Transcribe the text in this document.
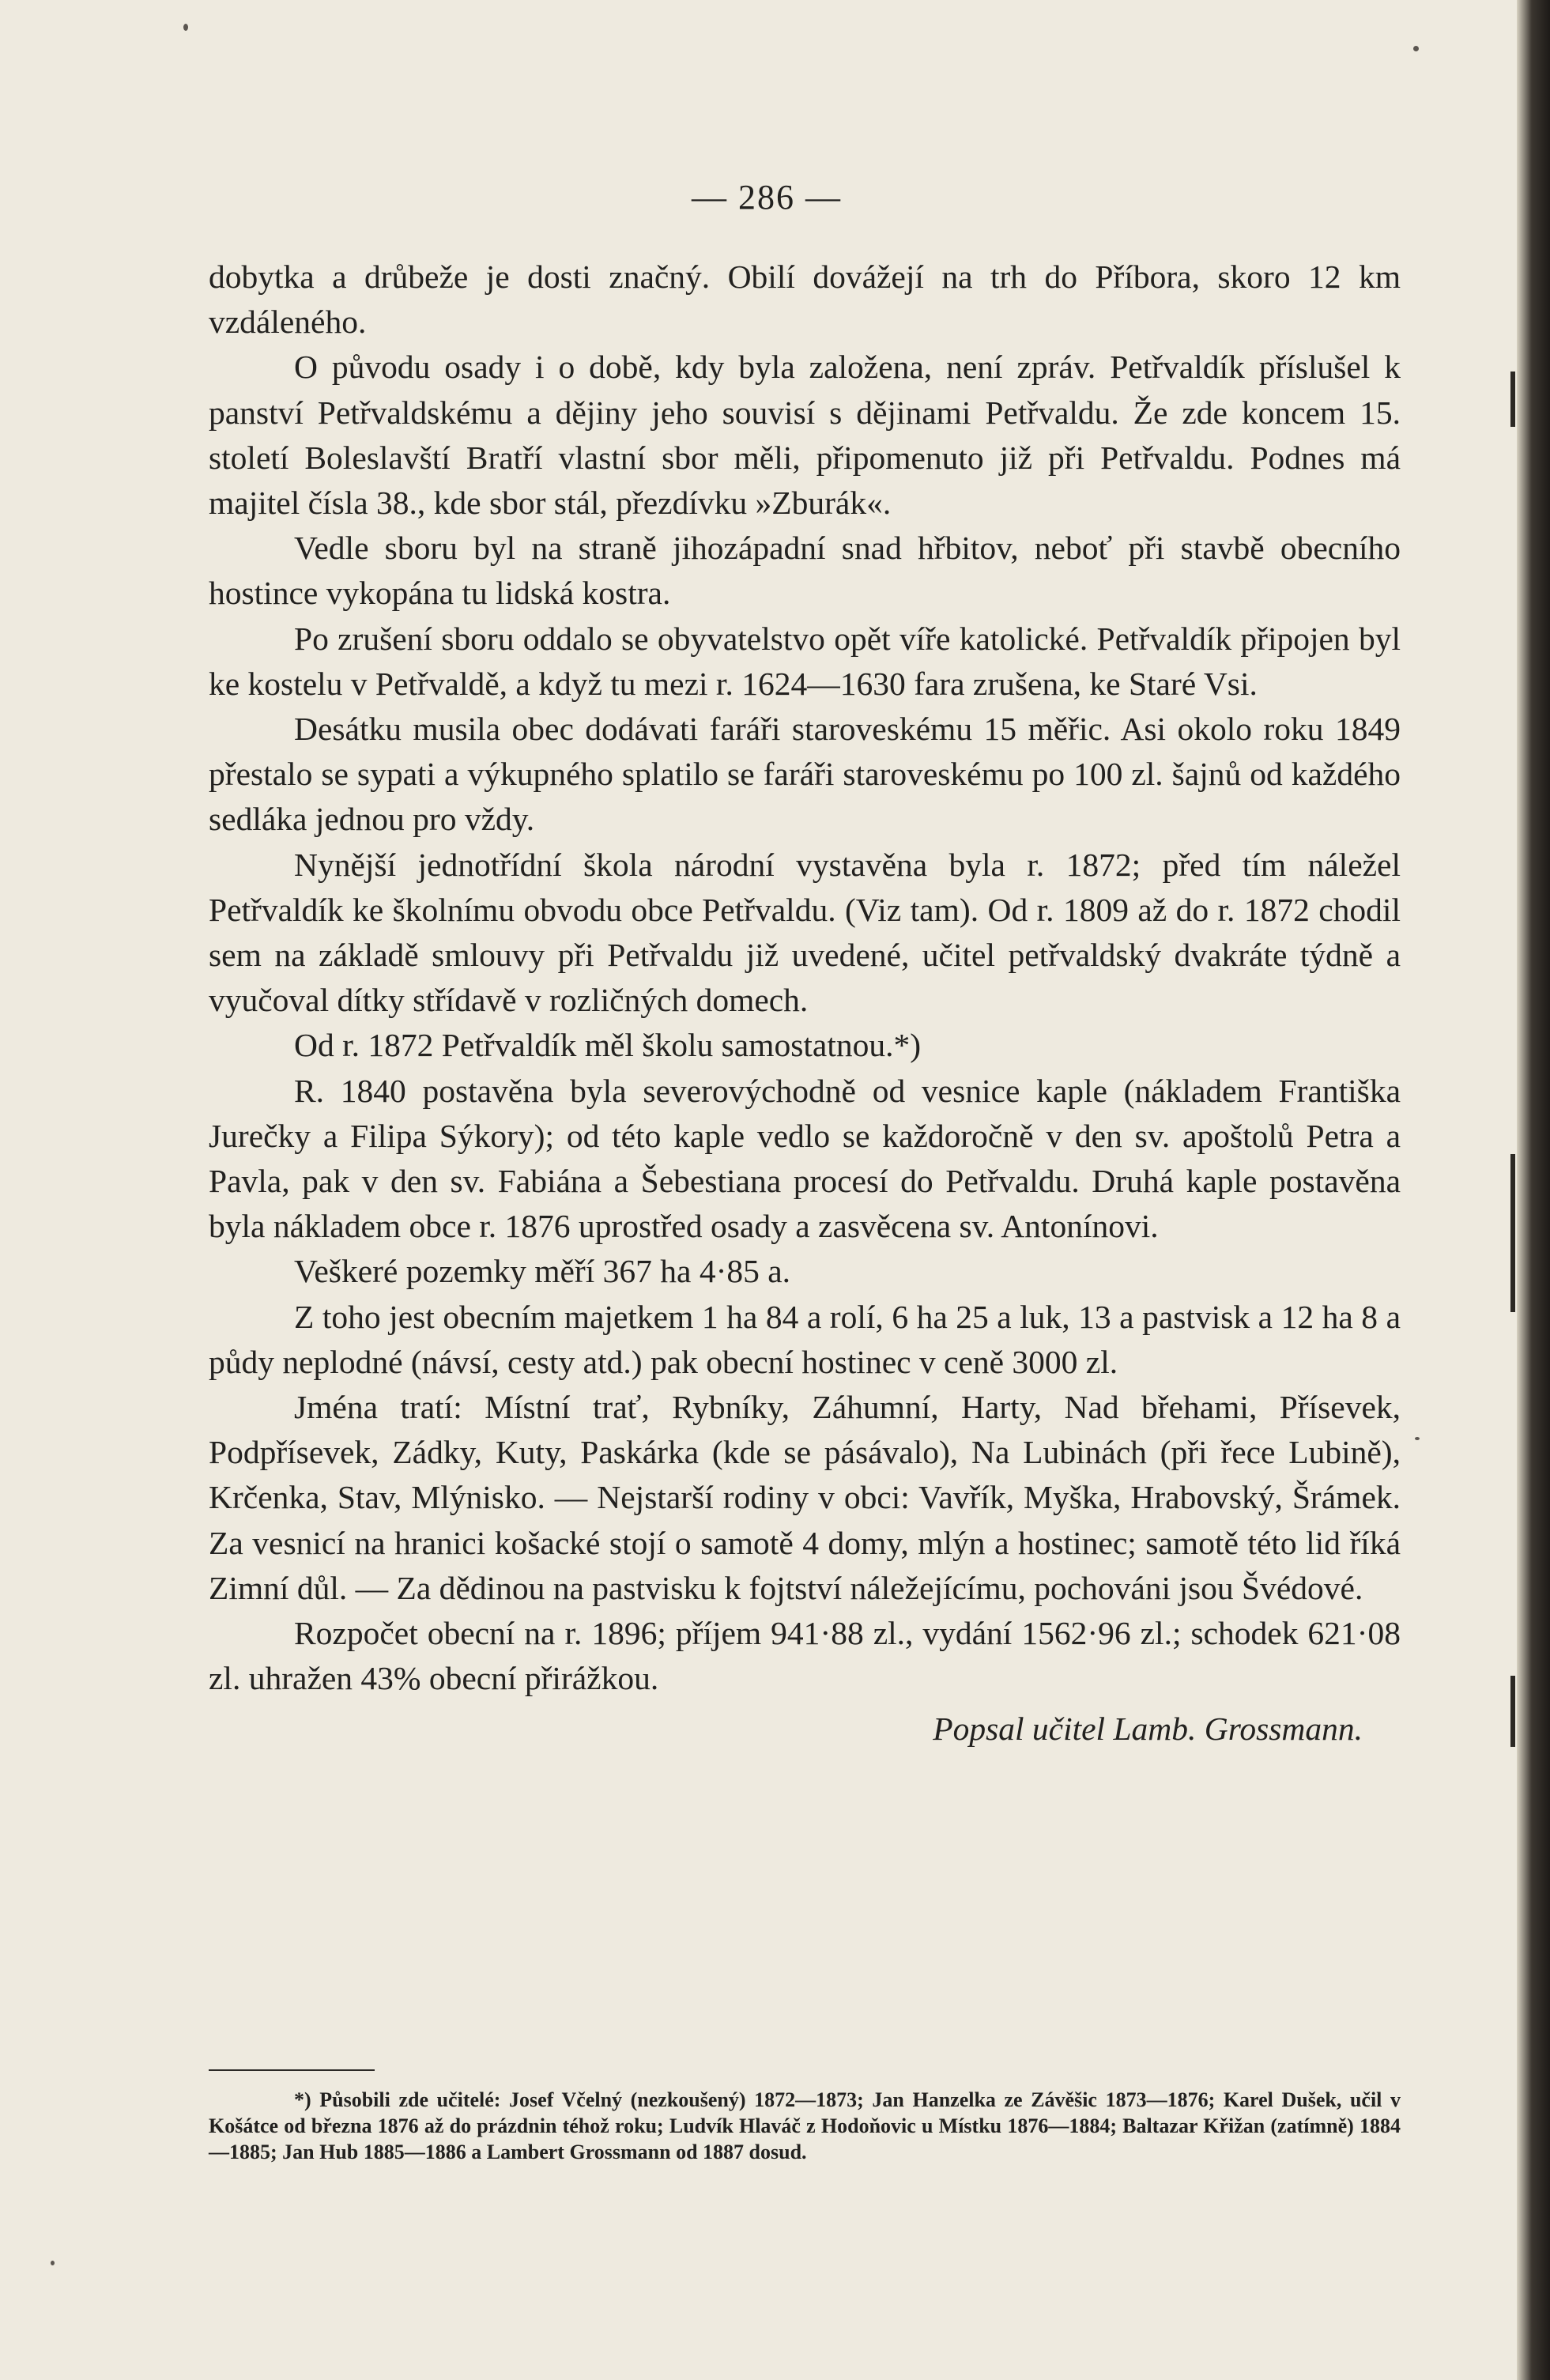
— 286 —

dobytka a drůbeže je dosti značný. Obilí dovážejí na trh do Příbora, skoro 12 km vzdáleného.

O původu osady i o době, kdy byla založena, není zpráv. Petřvaldík příslušel k panství Petřvaldskému a dějiny jeho souvisí s dějinami Petřvaldu. Že zde koncem 15. století Boleslavští Bratří vlastní sbor měli, připomenuto již při Petřvaldu. Podnes má majitel čísla 38., kde sbor stál, přezdívku »Zburák«.

Vedle sboru byl na straně jihozápadní snad hřbitov, neboť při stavbě obecního hostince vykopána tu lidská kostra.

Po zrušení sboru oddalo se obyvatelstvo opět víře katolické. Petřvaldík připojen byl ke kostelu v Petřvaldě, a když tu mezi r. 1624—1630 fara zrušena, ke Staré Vsi.

Desátku musila obec dodávati faráři staroveskému 15 měřic. Asi okolo roku 1849 přestalo se sypati a výkupného splatilo se faráři staroveskému po 100 zl. šajnů od každého sedláka jednou pro vždy.

Nynější jednotřídní škola národní vystavěna byla r. 1872; před tím náležel Petřvaldík ke školnímu obvodu obce Petřvaldu. (Viz tam). Od r. 1809 až do r. 1872 chodil sem na základě smlouvy při Petřvaldu již uvedené, učitel petřvaldský dvakráte týdně a vyučoval dítky střídavě v rozličných domech.

Od r. 1872 Petřvaldík měl školu samostatnou.*)

R. 1840 postavěna byla severovýchodně od vesnice kaple (nákladem Františka Jurečky a Filipa Sýkory); od této kaple vedlo se každoročně v den sv. apoštolů Petra a Pavla, pak v den sv. Fabiána a Šebestiana procesí do Petřvaldu. Druhá kaple postavěna byla nákladem obce r. 1876 uprostřed osady a zasvěcena sv. Antonínovi.

Veškeré pozemky měří 367 ha 4·85 a.

Z toho jest obecním majetkem 1 ha 84 a rolí, 6 ha 25 a luk, 13 a pastvisk a 12 ha 8 a půdy neplodné (návsí, cesty atd.) pak obecní hostinec v ceně 3000 zl.

Jména tratí: Místní trať, Rybníky, Záhumní, Harty, Nad břehami, Přísevek, Podpřísevek, Zádky, Kuty, Paskárka (kde se pásávalo), Na Lubinách (při řece Lubině), Krčenka, Stav, Mlýnisko. — Nejstarší rodiny v obci: Vavřík, Myška, Hrabovský, Šrámek. Za vesnicí na hranici košacké stojí o samotě 4 domy, mlýn a hostinec; samotě této lid říká Zimní důl. — Za dědinou na pastvisku k fojtství náležejícímu, pochováni jsou Švédové.

Rozpočet obecní na r. 1896; příjem 941·88 zl., vydání 1562·96 zl.; schodek 621·08 zl. uhražen 43% obecní přirážkou.

Popsal učitel Lamb. Grossmann.

*) Působili zde učitelé: Josef Včelný (nezkoušený) 1872—1873; Jan Hanzelka ze Závěšic 1873—1876; Karel Dušek, učil v Košátce od března 1876 až do prázdnin téhož roku; Ludvík Hlaváč z Hodoňovic u Místku 1876—1884; Baltazar Křižan (zatímně) 1884—1885; Jan Hub 1885—1886 a Lambert Grossmann od 1887 dosud.
